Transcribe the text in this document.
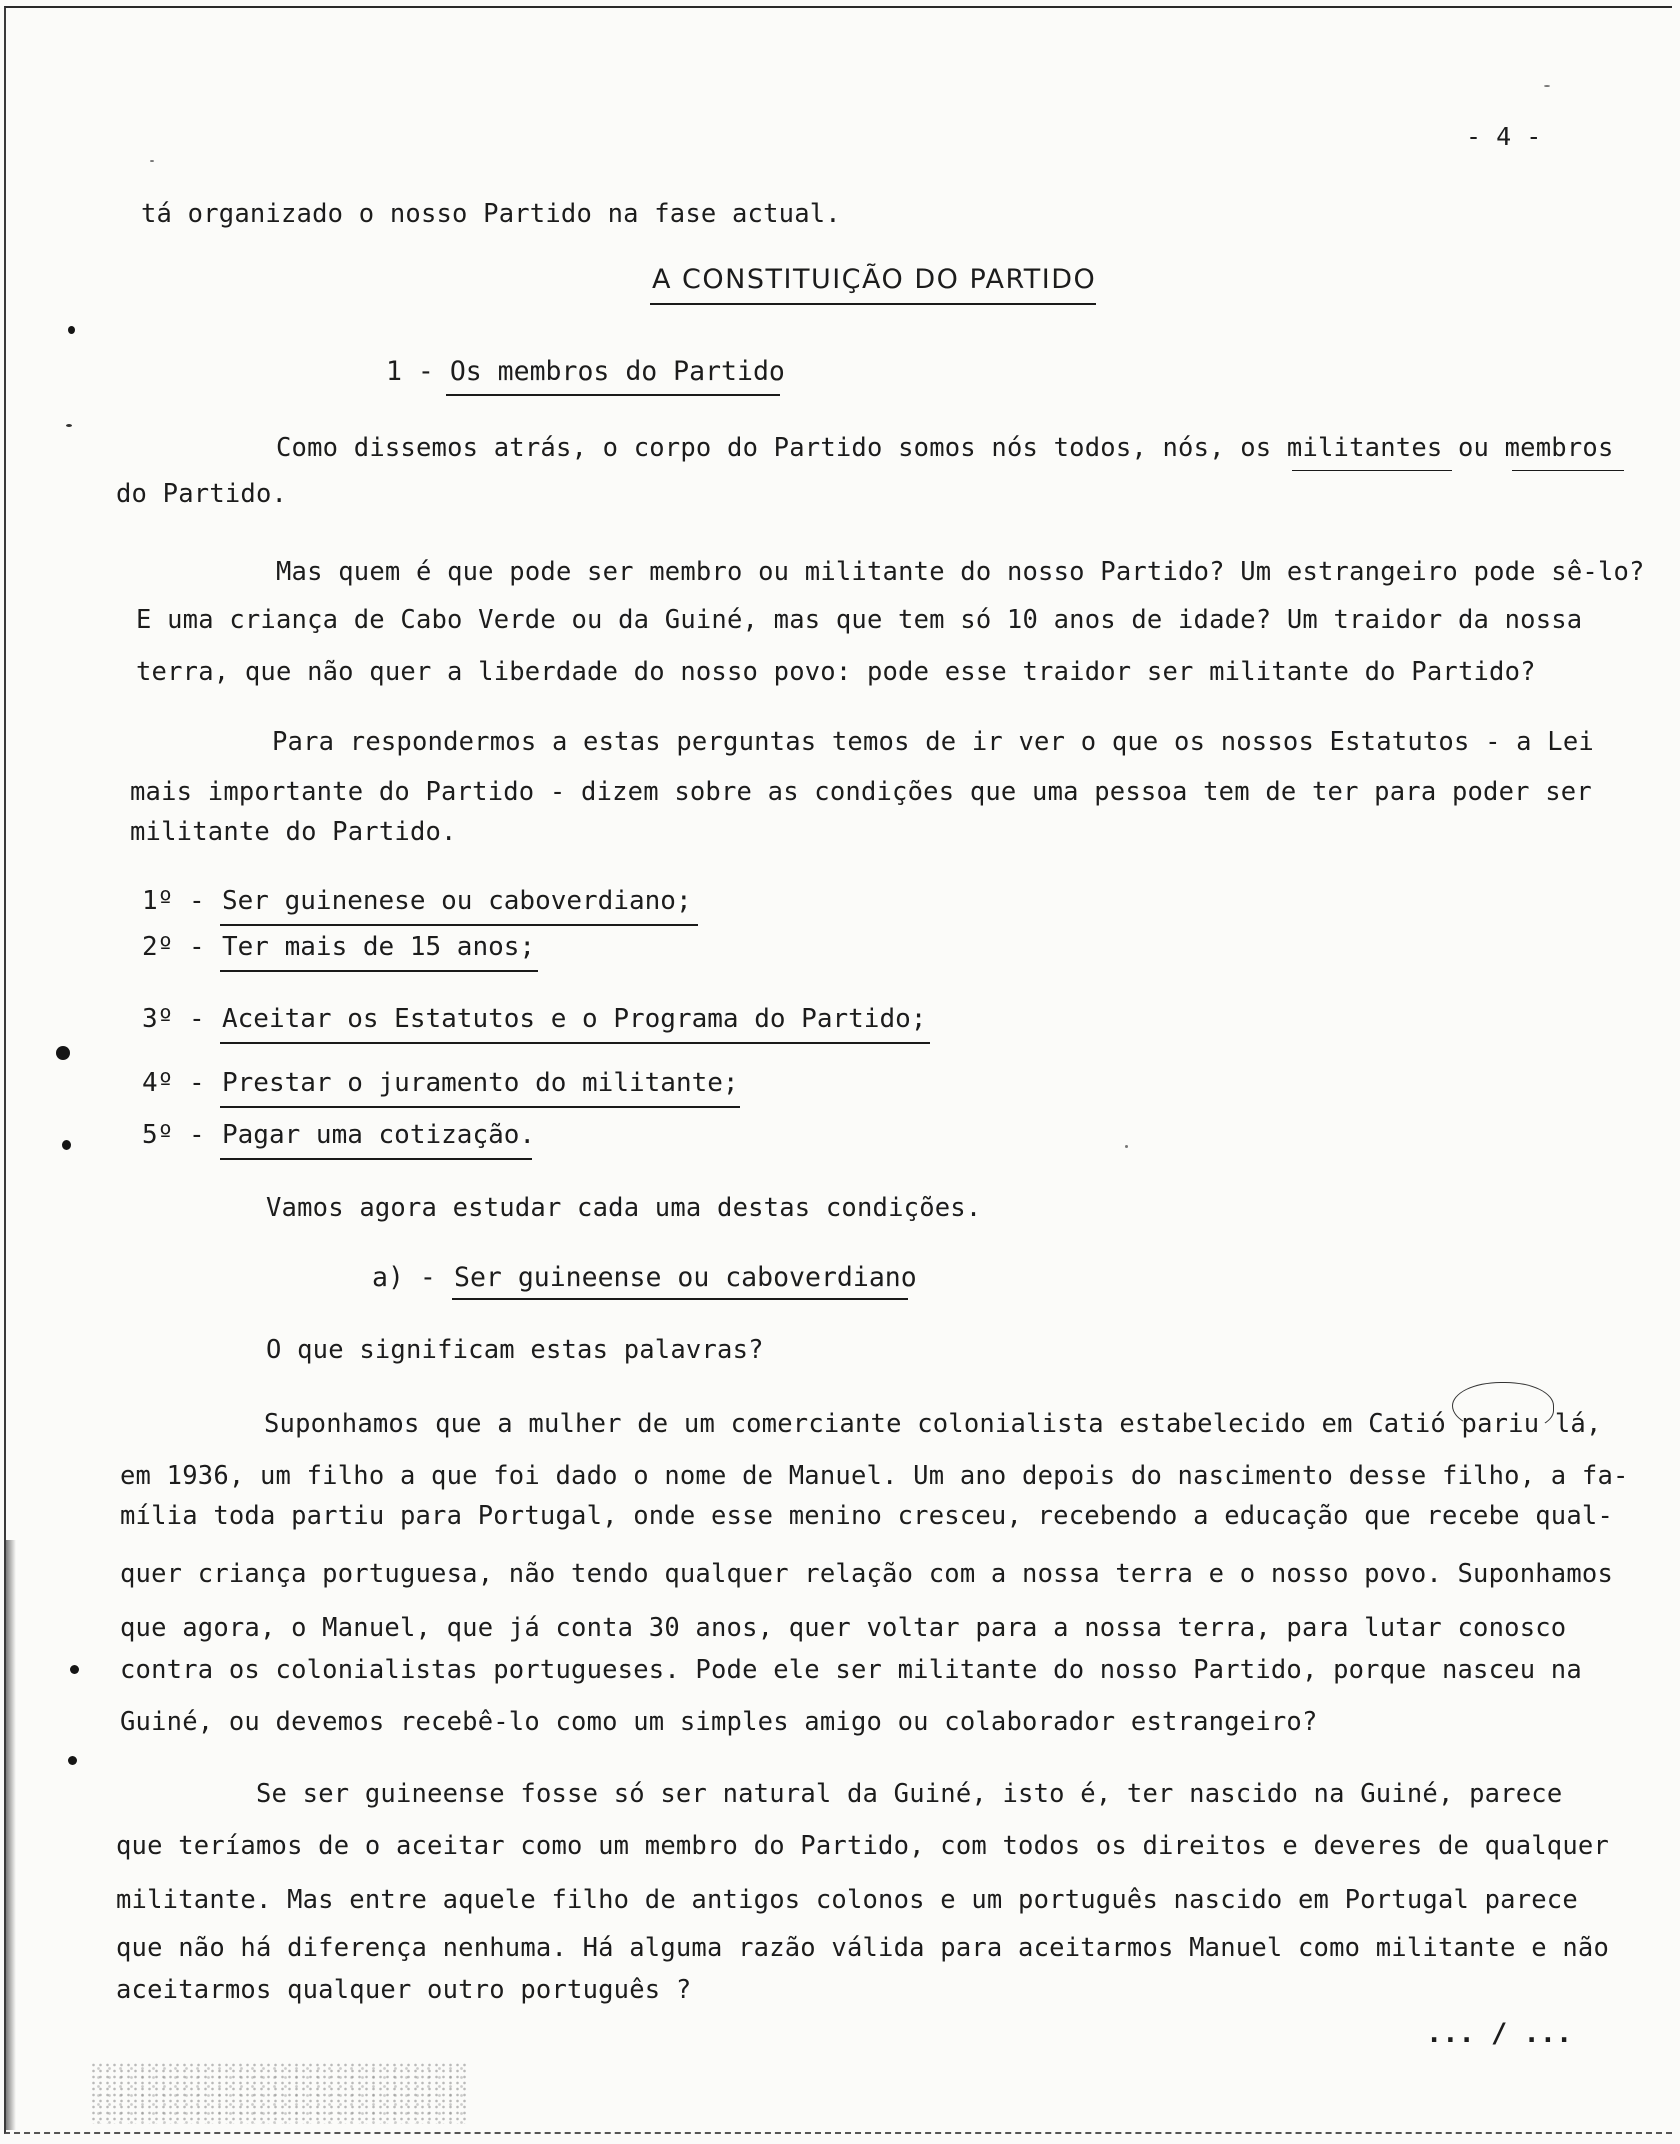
- 4 -
tá organizado o nosso Partido na fase actual.
A CONSTITUIÇÃO DO PARTIDO
1 - Os membros do Partido
Como dissemos atrás, o corpo do Partido somos nós todos, nós, os militantes ou membros
do Partido.
Mas quem é que pode ser membro ou militante do nosso Partido? Um estrangeiro pode sê-lo?
E uma criança de Cabo Verde ou da Guiné, mas que tem só 10 anos de idade? Um traidor da nossa
terra, que não quer a liberdade do nosso povo: pode esse traidor ser militante do Partido?
Para respondermos a estas perguntas temos de ir ver o que os nossos Estatutos - a Lei
mais importante do Partido - dizem sobre as condições que uma pessoa tem de ter para poder ser
militante do Partido.
1º - Ser guinenese ou caboverdiano;
2º - Ter mais de 15 anos;
3º - Aceitar os Estatutos e o Programa do Partido;
4º - Prestar o juramento do militante;
5º - Pagar uma cotização.
Vamos agora estudar cada uma destas condições.
a) - Ser guineense ou caboverdiano
O que significam estas palavras?
Suponhamos que a mulher de um comerciante colonialista estabelecido em Catió pariu lá,
em 1936, um filho a que foi dado o nome de Manuel. Um ano depois do nascimento desse filho, a fa-
mília toda partiu para Portugal, onde esse menino cresceu, recebendo a educação que recebe qual-
quer criança portuguesa, não tendo qualquer relação com a nossa terra e o nosso povo. Suponhamos
que agora, o Manuel, que já conta 30 anos, quer voltar para a nossa terra, para lutar conosco
contra os colonialistas portugueses. Pode ele ser militante do nosso Partido, porque nasceu na
Guiné, ou devemos recebê-lo como um simples amigo ou colaborador estrangeiro?
Se ser guineense fosse só ser natural da Guiné, isto é, ter nascido na Guiné, parece
que teríamos de o aceitar como um membro do Partido, com todos os direitos e deveres de qualquer
militante. Mas entre aquele filho de antigos colonos e um português nascido em Portugal parece
que não há diferença nenhuma. Há alguma razão válida para aceitarmos Manuel como militante e não
aceitarmos qualquer outro português ?
... / ...
